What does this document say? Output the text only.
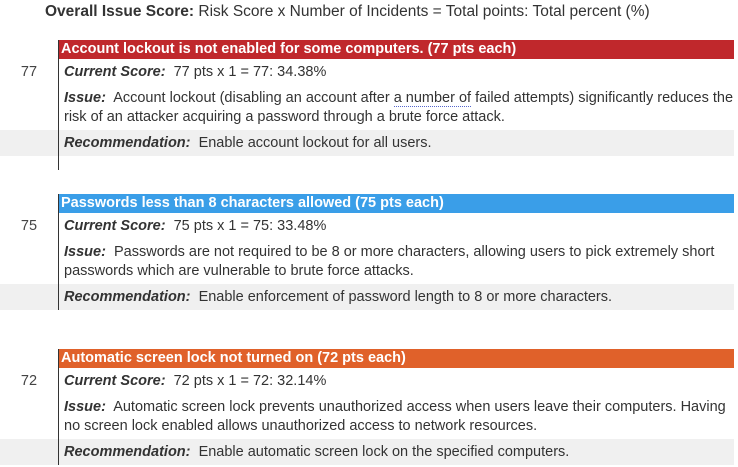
Overall Issue Score: Risk Score x Number of Incidents = Total points: Total percent (%)
Account lockout is not enabled for some computers. (77 pts each)
77	Current Score: 77 pts x 1 = 77: 34.38%
Issue: Account lockout (disabling an account after a number of failed attempts) significantly reduces the risk of an attacker acquiring a password through a brute force attack.
Recommendation: Enable account lockout for all users.
Passwords less than 8 characters allowed (75 pts each)
75	Current Score: 75 pts x 1 = 75: 33.48%
Issue: Passwords are not required to be 8 or more characters, allowing users to pick extremely short passwords which are vulnerable to brute force attacks.
Recommendation: Enable enforcement of password length to 8 or more characters.
Automatic screen lock not turned on (72 pts each)
72	Current Score: 72 pts x 1 = 72: 32.14%
Issue: Automatic screen lock prevents unauthorized access when users leave their computers. Having no screen lock enabled allows unauthorized access to network resources.
Recommendation: Enable automatic screen lock on the specified computers.
